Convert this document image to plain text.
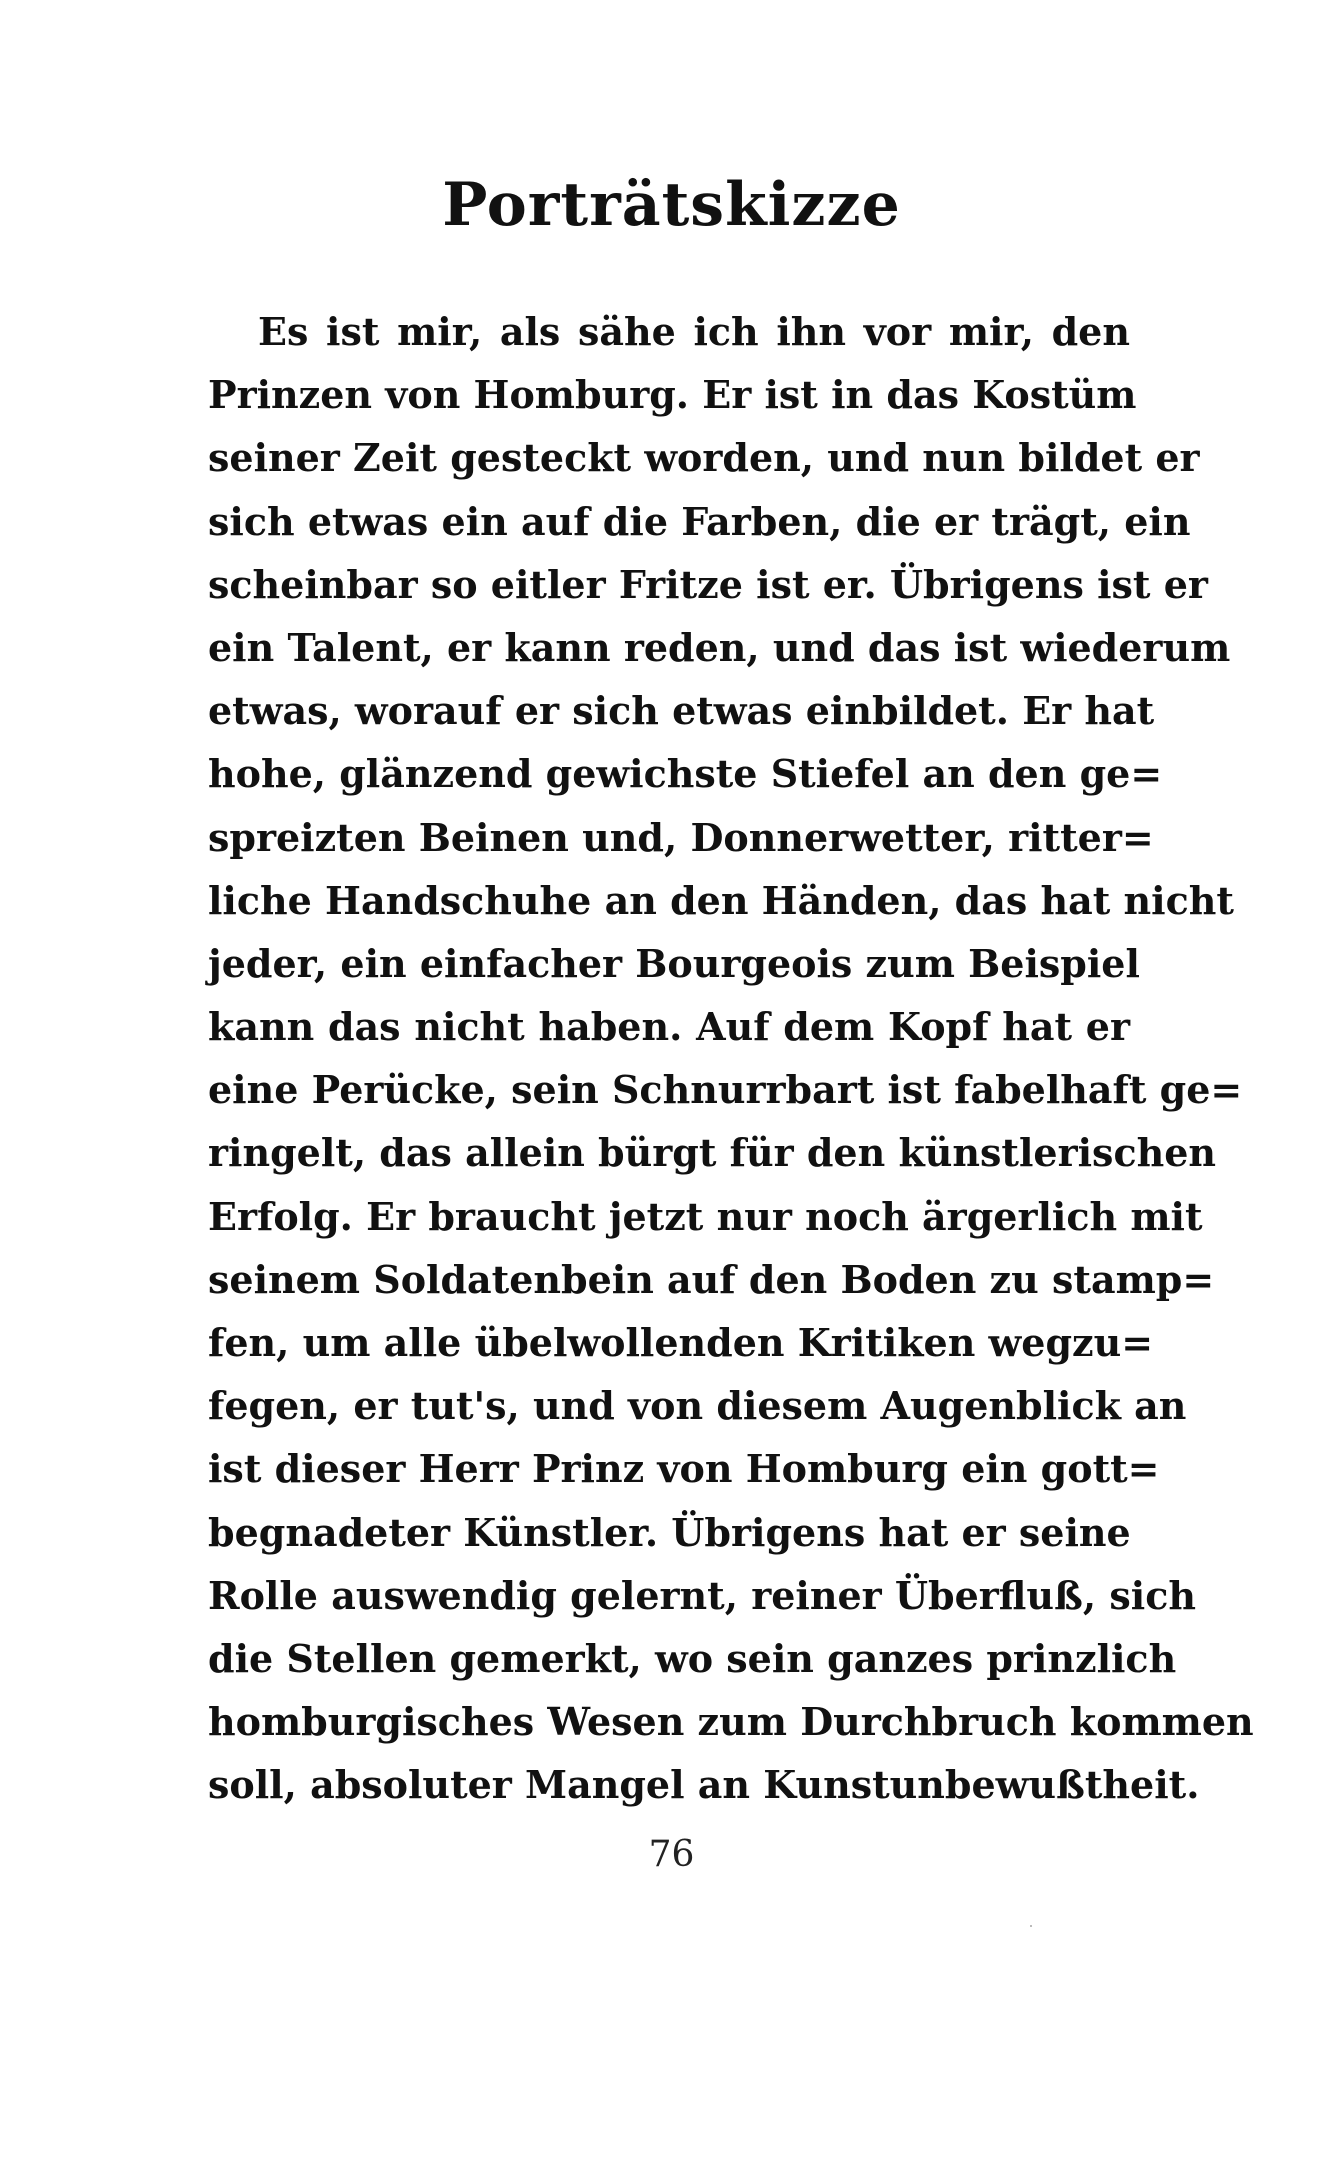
Porträtskizze
Es ist mir, als sähe ich ihn vor mir, den
Prinzen von Homburg. Er ist in das Kostüm
seiner Zeit gesteckt worden, und nun bildet er
sich etwas ein auf die Farben, die er trägt, ein
scheinbar so eitler Fritze ist er. Übrigens ist er
ein Talent, er kann reden, und das ist wiederum
etwas, worauf er sich etwas einbildet. Er hat
hohe, glänzend gewichste Stiefel an den ge=
spreizten Beinen und, Donnerwetter, ritter=
liche Handschuhe an den Händen, das hat nicht
jeder, ein einfacher Bourgeois zum Beispiel
kann das nicht haben. Auf dem Kopf hat er
eine Perücke, sein Schnurrbart ist fabelhaft ge=
ringelt, das allein bürgt für den künstlerischen
Erfolg. Er braucht jetzt nur noch ärgerlich mit
seinem Soldatenbein auf den Boden zu stamp=
fen, um alle übelwollenden Kritiken wegzu=
fegen, er tut's, und von diesem Augenblick an
ist dieser Herr Prinz von Homburg ein gott=
begnadeter Künstler. Übrigens hat er seine
Rolle auswendig gelernt, reiner Überfluß, sich
die Stellen gemerkt, wo sein ganzes prinzlich
homburgisches Wesen zum Durchbruch kommen
soll, absoluter Mangel an Kunstunbewußtheit.
76
